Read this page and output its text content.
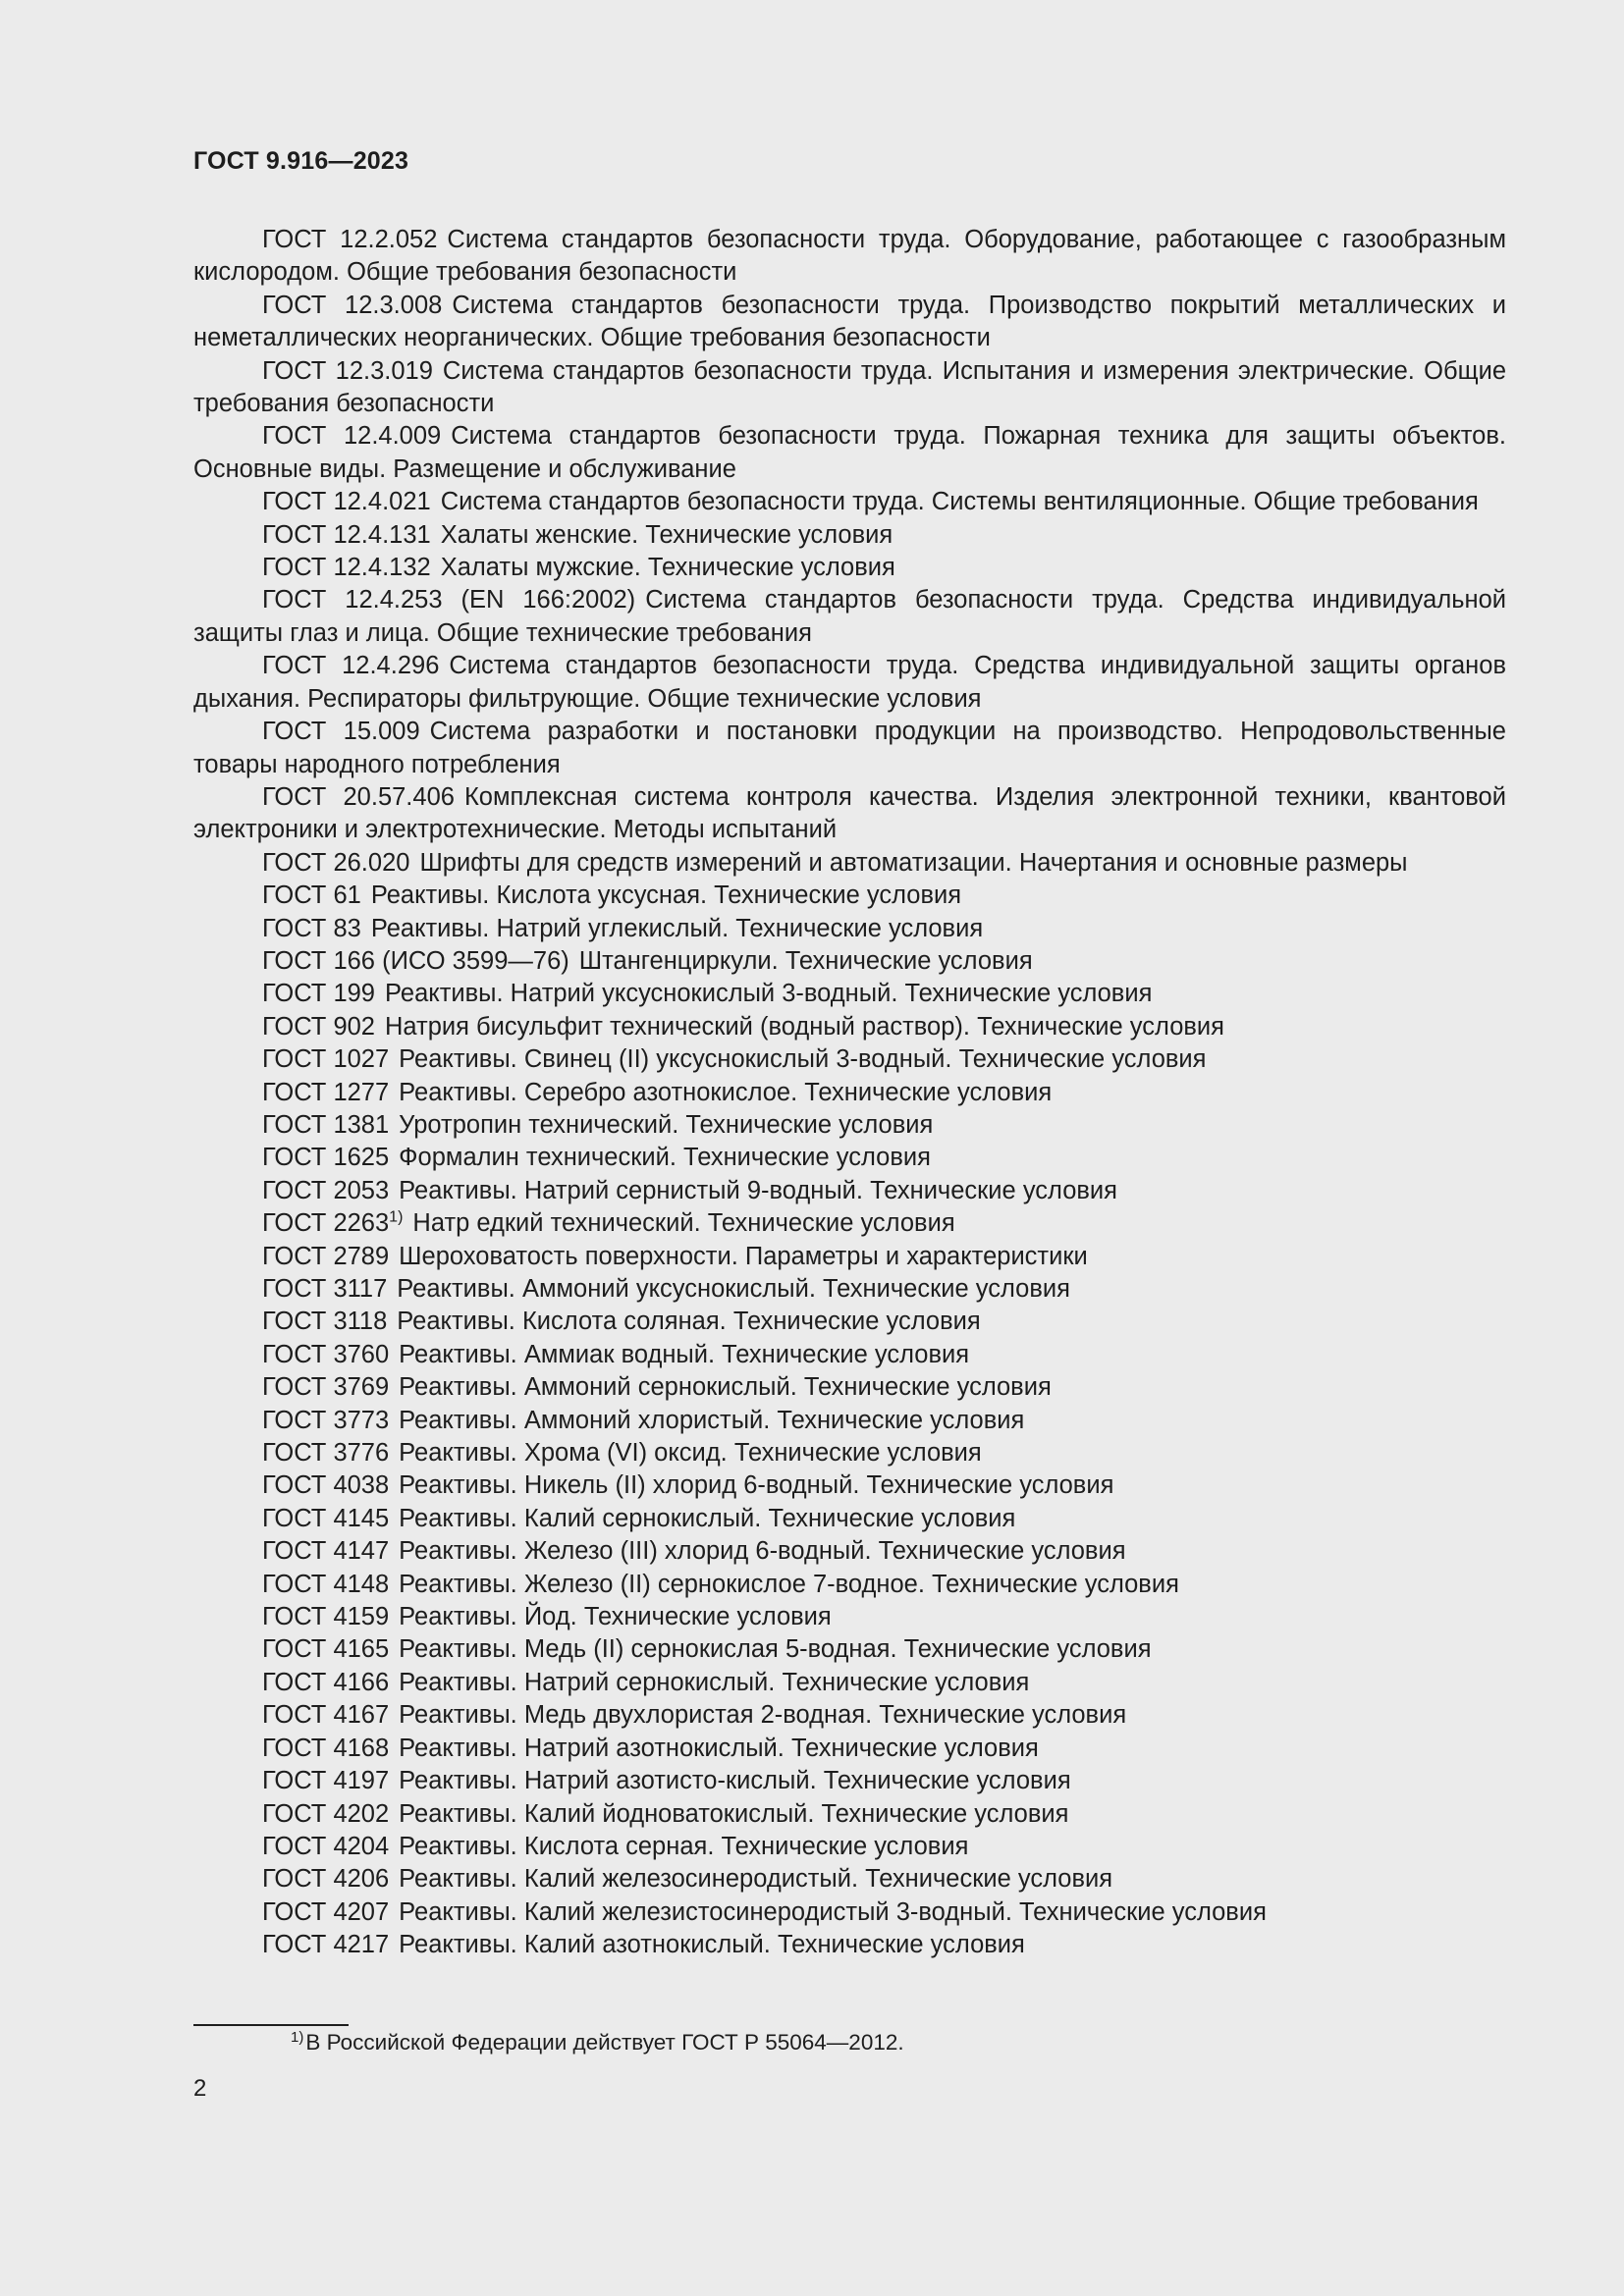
ГОСТ 9.916—2023

ГОСТ 12.2.052 Система стандартов безопасности труда. Оборудование, работающее с газообразным кислородом. Общие требования безопасности

ГОСТ 12.3.008 Система стандартов безопасности труда. Производство покрытий металлических и неметаллических неорганических. Общие требования безопасности

ГОСТ 12.3.019 Система стандартов безопасности труда. Испытания и измерения электрические. Общие требования безопасности

ГОСТ 12.4.009 Система стандартов безопасности труда. Пожарная техника для защиты объектов. Основные виды. Размещение и обслуживание

ГОСТ 12.4.021 Система стандартов безопасности труда. Системы вентиляционные. Общие требования

ГОСТ 12.4.131 Халаты женские. Технические условия

ГОСТ 12.4.132 Халаты мужские. Технические условия

ГОСТ 12.4.253 (EN 166:2002) Система стандартов безопасности труда. Средства индивидуальной защиты глаз и лица. Общие технические требования

ГОСТ 12.4.296 Система стандартов безопасности труда. Средства индивидуальной защиты органов дыхания. Респираторы фильтрующие. Общие технические условия

ГОСТ 15.009 Система разработки и постановки продукции на производство. Непродовольственные товары народного потребления

ГОСТ 20.57.406 Комплексная система контроля качества. Изделия электронной техники, квантовой электроники и электротехнические. Методы испытаний

ГОСТ 26.020 Шрифты для средств измерений и автоматизации. Начертания и основные размеры

ГОСТ 61 Реактивы. Кислота уксусная. Технические условия

ГОСТ 83 Реактивы. Натрий углекислый. Технические условия

ГОСТ 166 (ИСО 3599—76) Штангенциркули. Технические условия

ГОСТ 199 Реактивы. Натрий уксуснокислый 3-водный. Технические условия

ГОСТ 902 Натрия бисульфит технический (водный раствор). Технические условия

ГОСТ 1027 Реактивы. Свинец (II) уксуснокислый 3-водный. Технические условия

ГОСТ 1277 Реактивы. Серебро азотнокислое. Технические условия

ГОСТ 1381 Уротропин технический. Технические условия

ГОСТ 1625 Формалин технический. Технические условия

ГОСТ 2053 Реактивы. Натрий сернистый 9-водный. Технические условия

ГОСТ 2263$^{1)}$ Натр едкий технический. Технические условия

ГОСТ 2789 Шероховатость поверхности. Параметры и характеристики

ГОСТ 3117 Реактивы. Аммоний уксуснокислый. Технические условия

ГОСТ 3118 Реактивы. Кислота соляная. Технические условия

ГОСТ 3760 Реактивы. Аммиак водный. Технические условия

ГОСТ 3769 Реактивы. Аммоний сернокислый. Технические условия

ГОСТ 3773 Реактивы. Аммоний хлористый. Технические условия

ГОСТ 3776 Реактивы. Хрома (VI) оксид. Технические условия

ГОСТ 4038 Реактивы. Никель (II) хлорид 6-водный. Технические условия

ГОСТ 4145 Реактивы. Калий сернокислый. Технические условия

ГОСТ 4147 Реактивы. Железо (III) хлорид 6-водный. Технические условия

ГОСТ 4148 Реактивы. Железо (II) сернокислое 7-водное. Технические условия

ГОСТ 4159 Реактивы. Йод. Технические условия

ГОСТ 4165 Реактивы. Медь (II) сернокислая 5-водная. Технические условия

ГОСТ 4166 Реактивы. Натрий сернокислый. Технические условия

ГОСТ 4167 Реактивы. Медь двухлористая 2-водная. Технические условия

ГОСТ 4168 Реактивы. Натрий азотнокислый. Технические условия

ГОСТ 4197 Реактивы. Натрий азотисто-кислый. Технические условия

ГОСТ 4202 Реактивы. Калий йодноватокислый. Технические условия

ГОСТ 4204 Реактивы. Кислота серная. Технические условия

ГОСТ 4206 Реактивы. Калий железосинеродистый. Технические условия

ГОСТ 4207 Реактивы. Калий железистосинеродистый 3-водный. Технические условия

ГОСТ 4217 Реактивы. Калий азотнокислый. Технические условия

$^{1)}$В Российской Федерации действует ГОСТ Р 55064—2012.
2
